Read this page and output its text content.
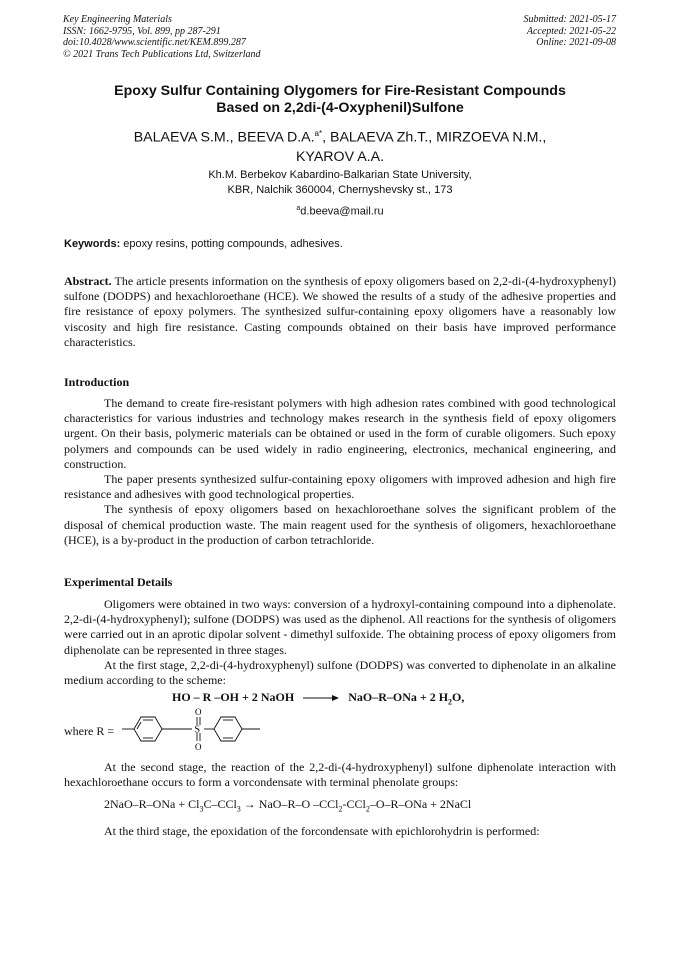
Key Engineering Materials
ISSN: 1662-9795, Vol. 899, pp 287-291
doi:10.4028/www.scientific.net/KEM.899.287
© 2021 Trans Tech Publications Ltd, Switzerland
Submitted: 2021-05-17
Accepted: 2021-05-22
Online: 2021-09-08
Epoxy Sulfur Containing Olygomers for Fire-Resistant Compounds
Based on 2,2di-(4-Oxyphenil)Sulfone
BALAEVA S.M., BEEVA D.A.$^{a*}$, BALAEVA Zh.T., MIRZOEVA N.M.,
KYAROV A.A.
Kh.M. Berbekov Kabardino-Balkarian State University,
KBR, Nalchik 360004, Chernyshevsky st., 173
$^a$d.beeva@mail.ru
Keywords: epoxy resins, potting compounds, adhesives.

Abstract. The article presents information on the synthesis of epoxy oligomers based on 2,2-di-(4-hydroxyphenyl) sulfone (DODPS) and hexachloroethane (HCE). We showed the results of a study of the adhesive properties and fire resistance of epoxy polymers. The synthesized sulfur-containing epoxy oligomers have a reasonably low viscosity and high fire resistance. Casting compounds obtained on their basis have improved performance characteristics.

Introduction

The demand to create fire-resistant polymers with high adhesion rates combined with good technological characteristics for various industries and technology makes research in the synthesis field of epoxy oligomers urgent. On their basis, polymeric materials can be obtained or used in the form of curable oligomers. Such epoxy polymers and compounds can be used widely in radio engineering, electronics, mechanical engineering, and construction.

The paper presents synthesized sulfur-containing epoxy oligomers with improved adhesion and high fire resistance and adhesives with good technological properties.

The synthesis of epoxy oligomers based on hexachloroethane solves the significant problem of the disposal of chemical production waste. The main reagent used for the synthesis of oligomers, hexachloroethane (HCE), is a by-product in the production of carbon tetrachloride.

Experimental Details

Oligomers were obtained in two ways: conversion of a hydroxyl-containing compound into a diphenolate. 2,2-di-(4-hydroxyphenyl); sulfone (DODPS) was used as the diphenol. All reactions for the synthesis of oligomers were carried out in an aprotic dipolar solvent - dimethyl sulfoxide. The obtaining process of epoxy oligomers from diphenolate can be represented in three stages.

At the first stage, 2,2-di-(4-hydroxyphenyl) sulfone (DODPS) was converted to diphenolate in an alkaline medium according to the scheme:

HO – R –OH + 2 NaOH → NaO–R–ONa + 2 $H_2O$,
where R =
O
S
O

At the second stage, the reaction of the 2,2-di-(4-hydroxyphenyl) sulfone diphenolate interaction with hexachloroethane occurs to form a vorcondensate with terminal phenolate groups:

$2NaO-R-ONa + Cl_3C-CCl_3 \to NaO-R-O$ –CCl$_2$-CCl$_2$–O–R–ONa + 2NaCl

At the third stage, the epoxidation of the forcondensate with epichlorohydrin is performed:
